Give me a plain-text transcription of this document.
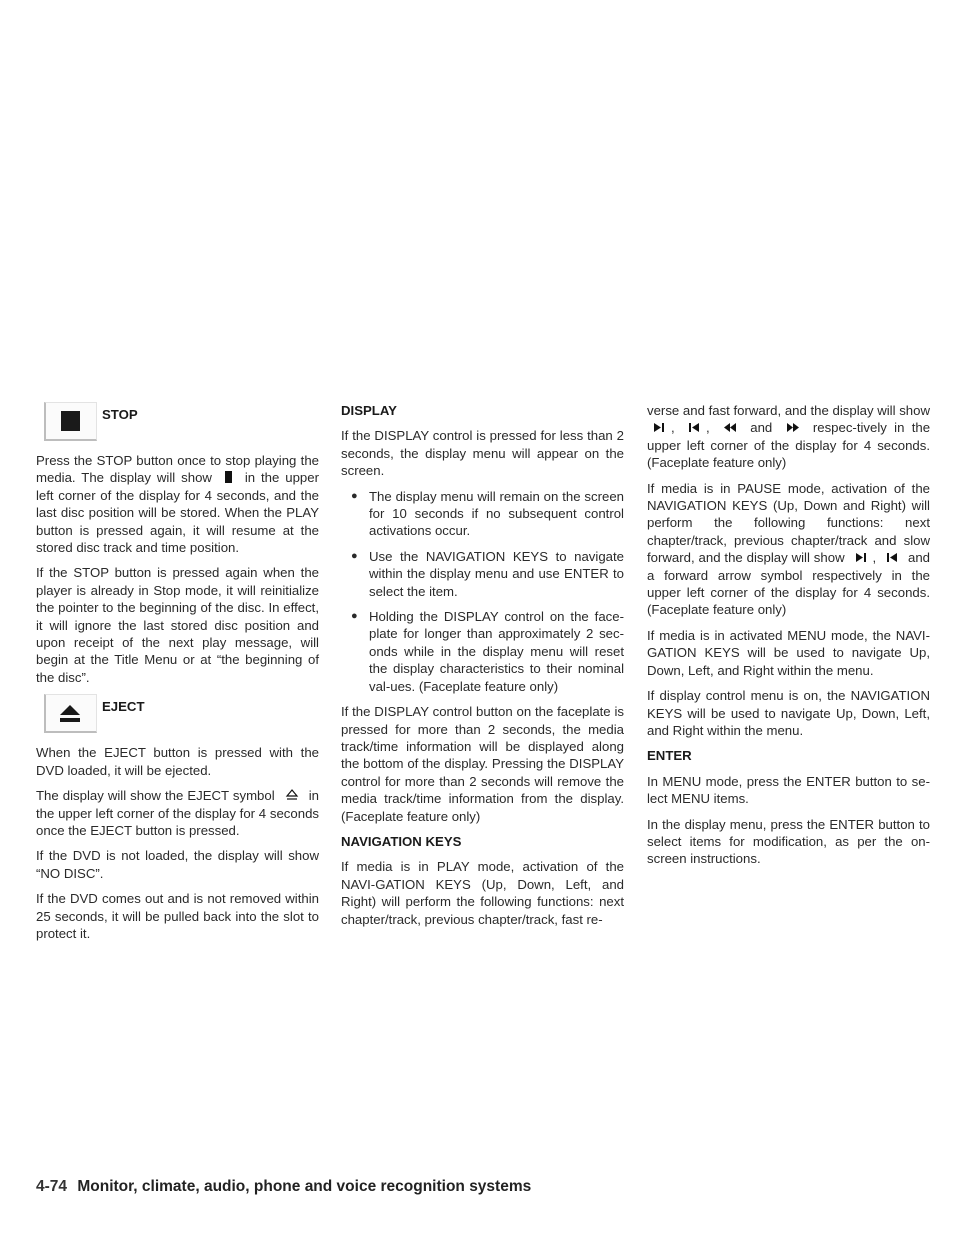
STOP

Press the STOP button once to stop playing the media. The display will show in the upper left corner of the display for 4 seconds, and the last disc position will be stored. When the PLAY button is pressed again, it will resume at the stored disc track and time position.

If the STOP button is pressed again when the player is already in Stop mode, it will reinitialize the pointer to the beginning of the disc. In effect, it will ignore the last stored disc position and upon receipt of the next play message, will begin at the Title Menu or at “the beginning of the disc”.

EJECT

When the EJECT button is pressed with the DVD loaded, it will be ejected.

The display will show the EJECT symbol	in the upper left corner of the display for 4 seconds once the EJECT button is pressed.

If the DVD is not loaded, the display will show “NO DISC”.

If the DVD comes out and is not removed within 25 seconds, it will be pulled back into the slot to protect it.

DISPLAY

If the DISPLAY control is pressed for less than 2 seconds, the display menu will appear on the screen.

● The display menu will remain on the screen for 10 seconds if no subsequent control activations occur.
● Use the NAVIGATION KEYS to navigate within the display menu and use ENTER to select the item.
● Holding the DISPLAY control on the face-plate for longer than approximately 2 sec-onds while in the display menu will reset the display characteristics to their nominal val-ues. (Faceplate feature only)

If the DISPLAY control button on the faceplate is pressed for more than 2 seconds, the media track/time information will be displayed along the bottom of the display. Pressing the DISPLAY control for more than 2 seconds will remove the media track/time information from the display. (Faceplate feature only)

NAVIGATION KEYS

If media is in PLAY mode, activation of the NAVI-GATION KEYS (Up, Down, Left, and Right) will perform the following functions: next chapter/track, previous chapter/track, fast re-

verse and fast forward, and the display will show , ,	and	respec-tively in the upper left corner of the display for 4 seconds. (Faceplate feature only)

If media is in PAUSE mode, activation of the NAVIGATION KEYS (Up, Down and Right) will perform the following functions: next chapter/track, previous chapter/track and slow forward, and the display will show , and a forward arrow symbol respectively in the upper left corner of the display for 4 seconds. (Faceplate feature only)

If media is in activated MENU mode, the NAVI-GATION KEYS will be used to navigate Up, Down, Left, and Right within the menu.

If display control menu is on, the NAVIGATION KEYS will be used to navigate Up, Down, Left, and Right within the menu.

ENTER

In MENU mode, press the ENTER button to se-lect MENU items.

In the display menu, press the ENTER button to select items for modification, as per the on-screen instructions.

4-74 Monitor, climate, audio, phone and voice recognition systems
